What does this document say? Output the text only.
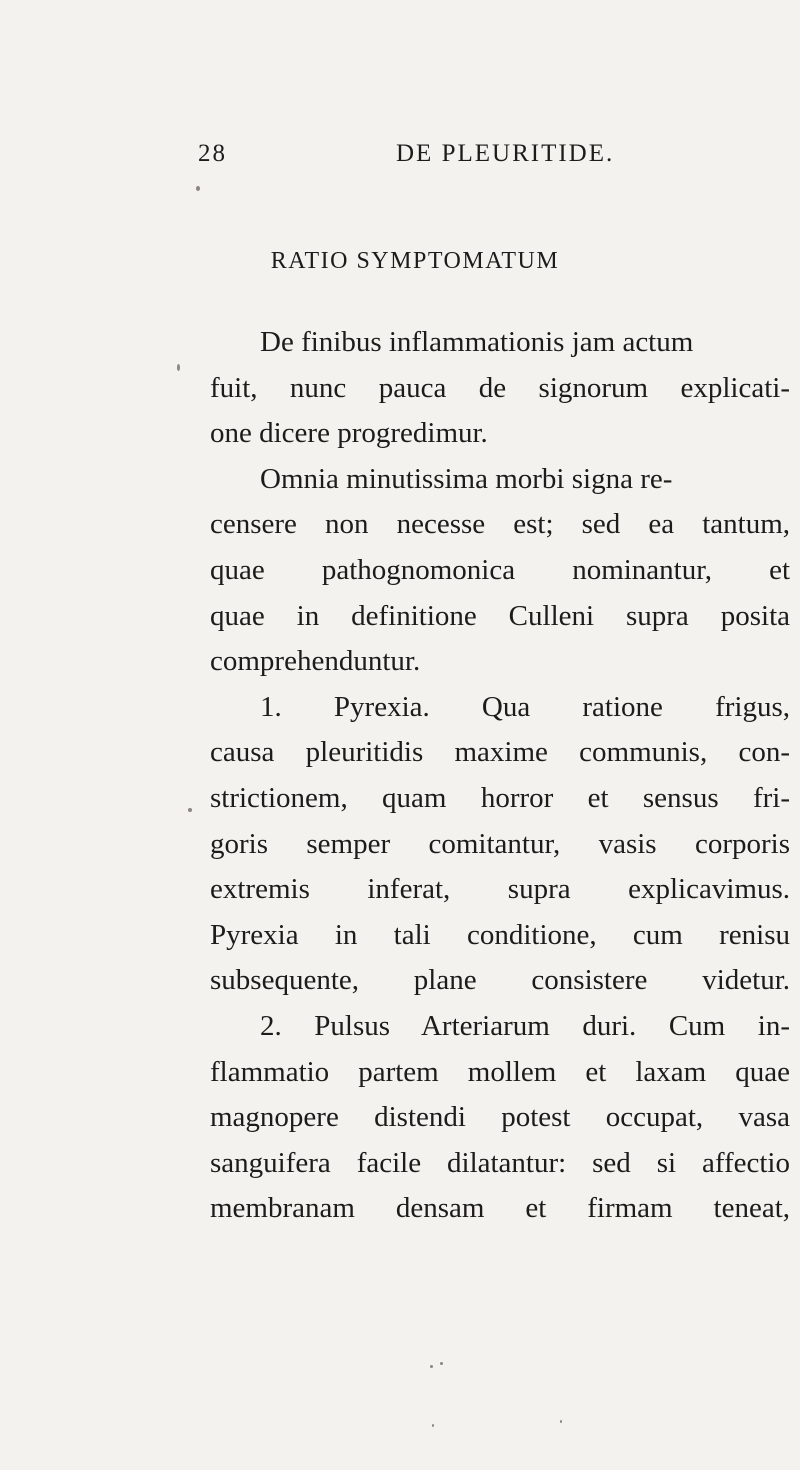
28	DE PLEURITIDE.
RATIO SYMPTOMATUM
De finibus inflammationis jam actum
fuit, nunc pauca de signorum explicati-
one dicere progredimur.
Omnia minutissima morbi signa re-
censere non necesse est; sed ea tantum,
quae pathognomonica nominantur, et
quae in definitione Culleni supra posita
comprehenduntur.
1. Pyrexia. Qua ratione frigus,
causa pleuritidis maxime communis, con-
strictionem, quam horror et sensus fri-
goris semper comitantur, vasis corporis
extremis inferat, supra explicavimus.
Pyrexia in tali conditione, cum renisu
subsequente, plane consistere videtur.
2. Pulsus Arteriarum duri. Cum in-
flammatio partem mollem et laxam quae
magnopere distendi potest occupat, vasa
sanguifera facile dilatantur: sed si affectio
membranam densam et firmam teneat,
